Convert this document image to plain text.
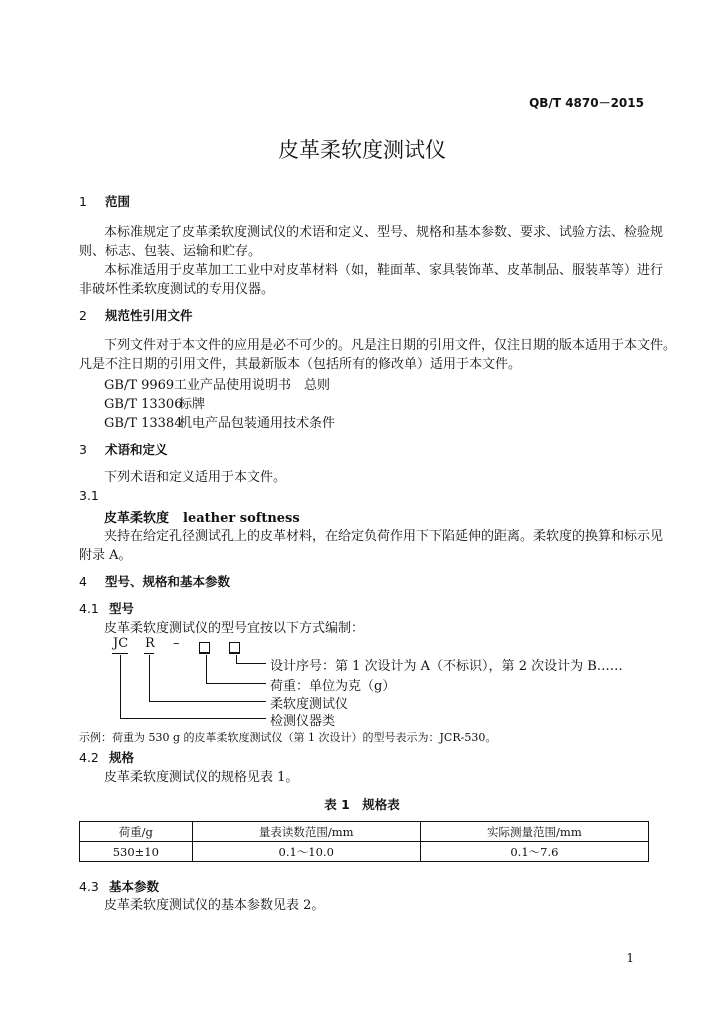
QB/T 4870－2015
皮革柔软度测试仪
1 范围
本标准规定了皮革柔软度测试仪的术语和定义、型号、规格和基本参数、要求、试验方法、检验规
则、标志、包装、运输和贮存。
本标准适用于皮革加工工业中对皮革材料（如，鞋面革、家具装饰革、皮革制品、服装革等）进行
非破坏性柔软度测试的专用仪器。
2 规范性引用文件
下列文件对于本文件的应用是必不可少的。凡是注日期的引用文件，仅注日期的版本适用于本文件。
凡是不注日期的引用文件，其最新版本（包括所有的修改单）适用于本文件。
GB/T 9969工业产品使用说明书　总则
GB/T 13306标牌
GB/T 13384机电产品包装通用技术条件
3 术语和定义
下列术语和定义适用于本文件。
3.1
皮革柔软度 leather softness
夹持在给定孔径测试孔上的皮革材料，在给定负荷作用下下陷延伸的距离。柔软度的换算和标示见
附录 A。
4 型号、规格和基本参数
4.1 型号
皮革柔软度测试仪的型号宜按以下方式编制：
JC R –
设计序号：第 1 次设计为 A（不标识），第 2 次设计为 B……
荷重：单位为克（g）
柔软度测试仪
检测仪器类
示例：荷重为 530 g 的皮革柔软度测试仪（第 1 次设计）的型号表示为：JCR-530。
4.2 规格
皮革柔软度测试仪的规格见表 1。
表 1　规格表
荷重/g	量表读数范围/mm	实际测量范围/mm
530±10	0.1～10.0	0.1～7.6
4.3 基本参数
皮革柔软度测试仪的基本参数见表 2。
1
